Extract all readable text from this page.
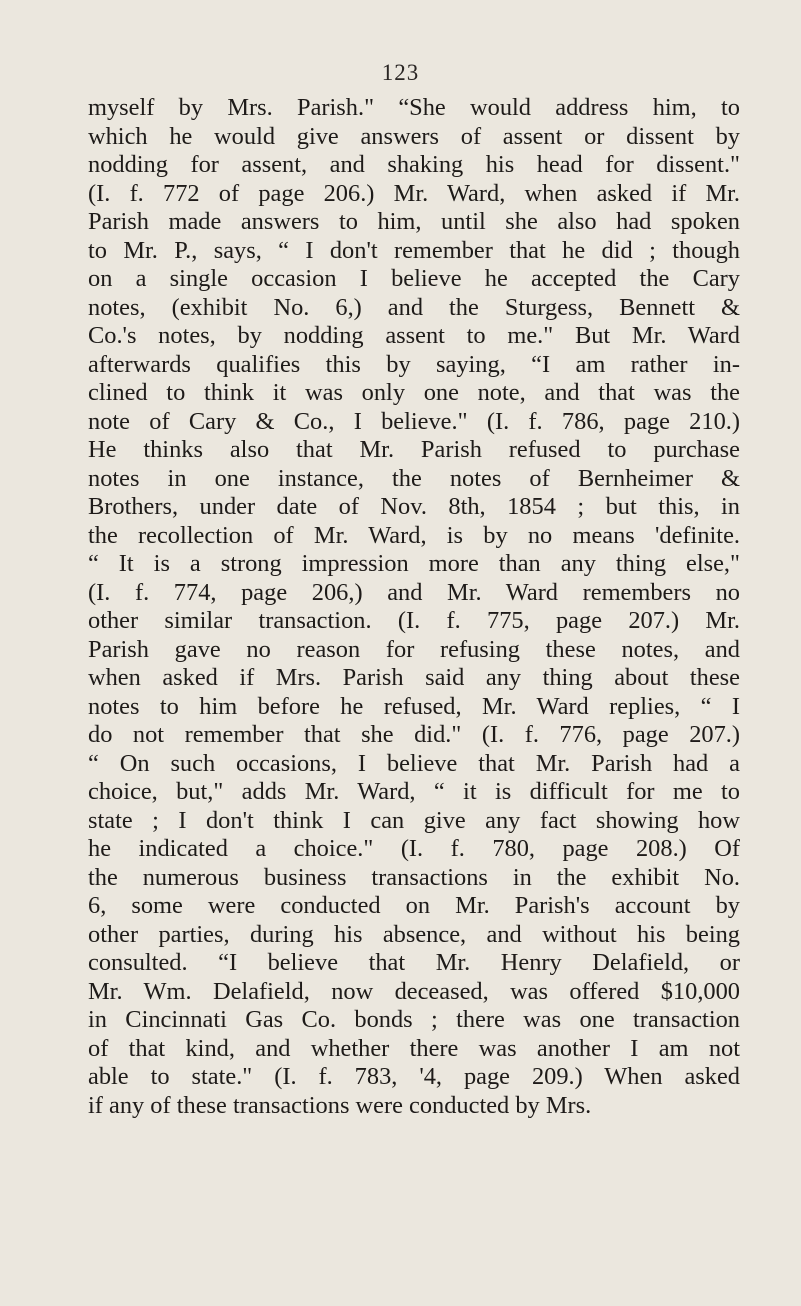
123
myself by Mrs. Parish." “She would address him, to
which he would give answers of assent or dissent by
nodding for assent, and shaking his head for dissent."
(I. f. 772 of page 206.) Mr. Ward, when asked if Mr.
Parish made answers to him, until she also had spoken
to Mr. P., says, “ I don't remember that he did ; though
on a single occasion I believe he accepted the Cary
notes, (exhibit No. 6,) and the Sturgess, Bennett &
Co.'s notes, by nodding assent to me." But Mr. Ward
afterwards qualifies this by saying, “I am rather in-
clined to think it was only one note, and that was the
note of Cary & Co., I believe." (I. f. 786, page 210.)
He thinks also that Mr. Parish refused to purchase
notes in one instance, the notes of Bernheimer &
Brothers, under date of Nov. 8th, 1854 ; but this, in
the recollection of Mr. Ward, is by no means 'definite.
“ It is a strong impression more than any thing else,"
(I. f. 774, page 206,) and Mr. Ward remembers no
other similar transaction. (I. f. 775, page 207.) Mr.
Parish gave no reason for refusing these notes, and
when asked if Mrs. Parish said any thing about these
notes to him before he refused, Mr. Ward replies, “ I
do not remember that she did." (I. f. 776, page 207.)
“ On such occasions, I believe that Mr. Parish had a
choice, but," adds Mr. Ward, “ it is difficult for me to
state ; I don't think I can give any fact showing how
he indicated a choice." (I. f. 780, page 208.) Of
the numerous business transactions in the exhibit No.
6, some were conducted on Mr. Parish's account by
other parties, during his absence, and without his being
consulted. “I believe that Mr. Henry Delafield, or
Mr. Wm. Delafield, now deceased, was offered $10,000
in Cincinnati Gas Co. bonds ; there was one transaction
of that kind, and whether there was another I am not
able to state." (I. f. 783, '4, page 209.) When asked
if any of these transactions were conducted by Mrs.
